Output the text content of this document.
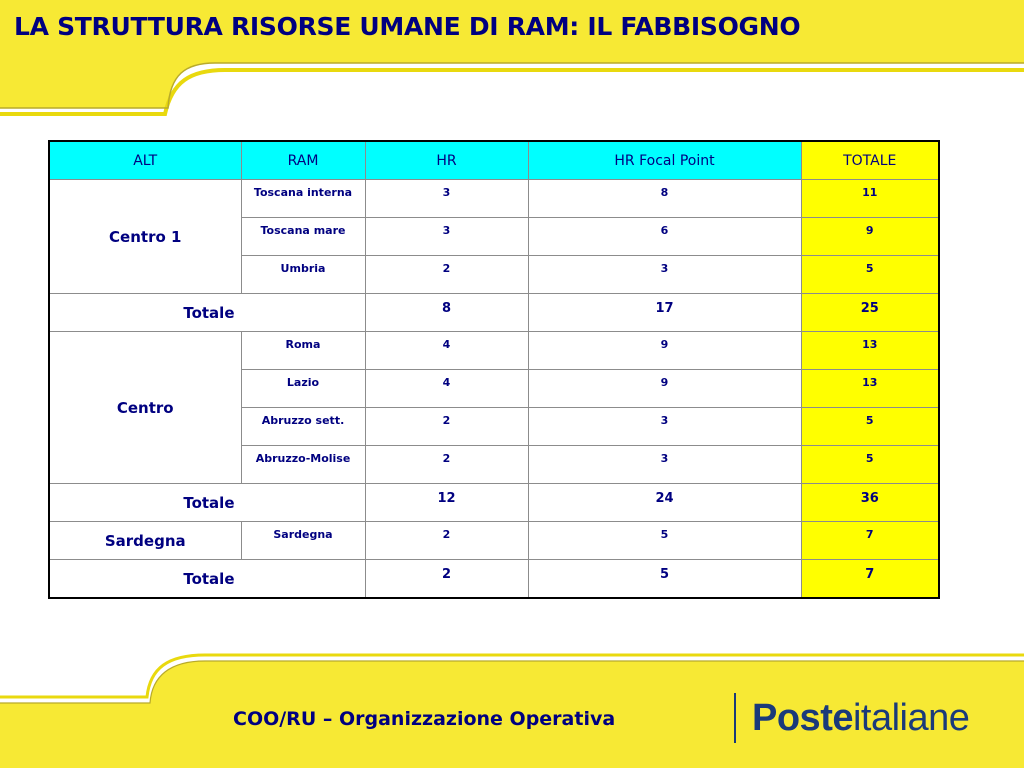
LA STRUTTURA RISORSE UMANE DI RAM: IL FABBISOGNO
ALT	RAM	HR	HR Focal Point	TOTALE
Centro 1	Toscana interna	3	8	11
	Toscana mare	3	6	9
	Umbria	2	3	5
Totale		8	17	25
Centro	Roma	4	9	13
	Lazio	4	9	13
	Abruzzo sett.	2	3	5
	Abruzzo-Molise	2	3	5
Totale		12	24	36
Sardegna	Sardegna	2	5	7
Totale		2	5	7
COO/RU – Organizzazione Operativa	Posteitaliane
